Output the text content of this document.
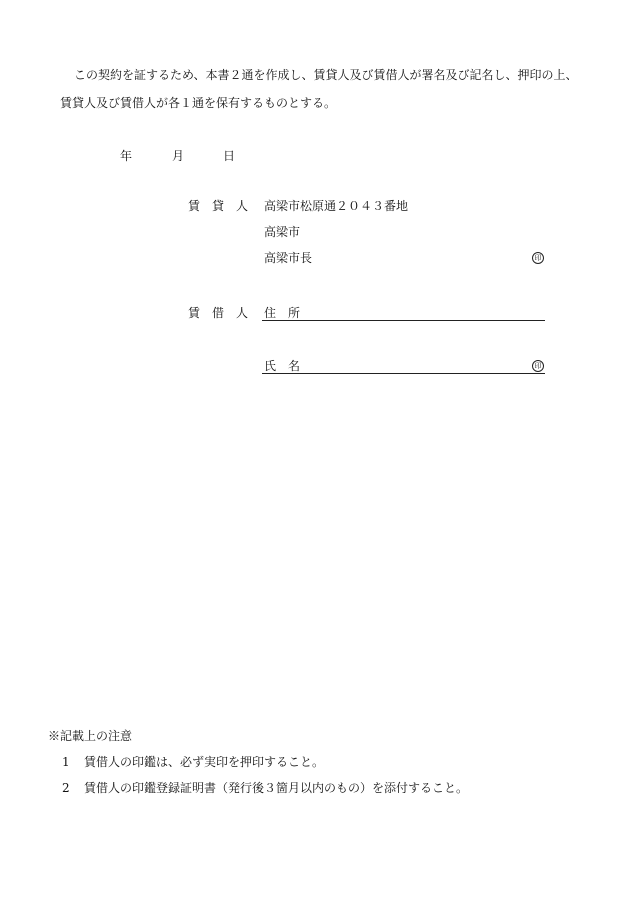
この契約を証するため、本書２通を作成し、賃貸人及び賃借人が署名及び記名し、押印の上、
賃貸人及び賃借人が各１通を保有するものとする。
年	月	日
賃貸人 高梁市松原通２０４３番地
高梁市
高梁市長	印
賃借人 住所
氏名	印
※記載上の注意
1 賃借人の印鑑は、必ず実印を押印すること。
2 賃借人の印鑑登録証明書（発行後３箇月以内のもの）を添付すること。
